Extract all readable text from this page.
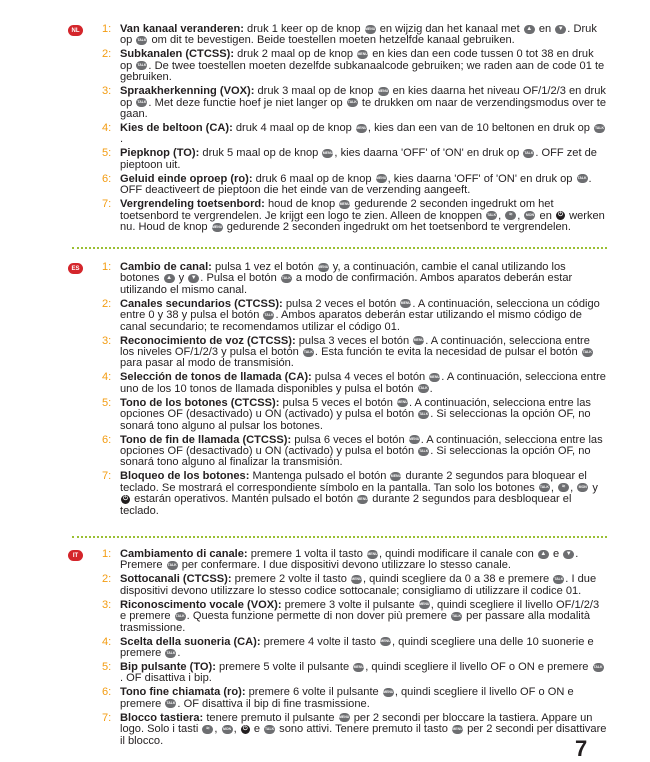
NL	1: Van kanaal veranderen: druk 1 keer op de knop MENU en wijzig dan het kanaal met ▲ en ▼ . Druk op TALK om dit te bevestigen. Beide toestellen moeten hetzelfde kanaal gebruiken.
2: Subkanalen (CTCSS): druk 2 maal op de knop MENU en kies dan een code tussen 0 tot 38 en druk op TALK . De twee toestellen moeten dezelfde subkanaalcode gebruiken; we raden aan de code 01 te gebruiken.
3: Spraakherkenning (VOX): druk 3 maal op de knop MENU en kies daarna het niveau OF/1/2/3 en druk op TALK . Met deze functie hoef je niet langer op TALK te drukken om naar de verzendingsmodus over te gaan.
4: Kies de beltoon (CA): druk 4 maal op de knop MENU, kies dan een van de 10 beltonen en druk op TALK.
5: Piepknop (TO): druk 5 maal op de knop MENU, kies daarna 'OFF' of 'ON' en druk op TALK . OFF zet de pieptoon uit.
6: Geluid einde oproep (ro): druk 6 maal op de knop MENU, kies daarna 'OFF' of 'ON' en druk op TALK . OFF deactiveert de pieptoon die het einde van de verzending aangeeft.
7: Vergrendeling toetsenbord: houd de knop MENU gedurende 2 seconden ingedrukt om het toetsenbord te vergrendelen. Je krijgt een logo te zien. Alleen de knoppen TALK , ≈ , MON en ⏻ werken nu. Houd de knop MENU gedurende 2 seconden ingedrukt om het toetsenbord te vergrendelen.
ES	1: Cambio de canal: pulsa 1 vez el botón MENU y, a continuación, cambie el canal utilizando los botones ▲ y ▼ . Pulsa el botón TALK a modo de confirmación. Ambos aparatos deberán estar utilizando el mismo canal.
2: Canales secundarios (CTCSS): pulsa 2 veces el botón MENU. A continuación, selecciona un código entre 0 y 38 y pulsa el botón TALK . Ambos aparatos deberán estar utilizando el mismo código de canal secundario; te recomendamos utilizar el código 01.
3: Reconocimiento de voz (CTCSS): pulsa 3 veces el botón MENU. A continuación, selecciona entre los niveles OF/1/2/3 y pulsa el botón TALK . Esta función te evita la necesidad de pulsar el botón TALK para pasar al modo de transmisión.
4: Selección de tonos de llamada (CA): pulsa 4 veces el botón MENU. A continuación, selecciona entre uno de los 10 tonos de llamada disponibles y pulsa el botón TALK .
5: Tono de los botones (CTCSS): pulsa 5 veces el botón MENU. A continuación, selecciona entre las opciones OF (desactivado) u ON (activado) y pulsa el botón TALK . Si seleccionas la opción OF, no sonará tono alguno al pulsar los botones.
6: Tono de fin de llamada (CTCSS): pulsa 6 veces el botón MENU. A continuación, selecciona entre las opciones OF (desactivado) u ON (activado) y pulsa el botón TALK . Si seleccionas la opción OF, no sonará tono alguno al finalizar la transmisión.
7: Bloqueo de los botones: Mantenga pulsado el botón MENU durante 2 segundos para bloquear el teclado. Se mostrará el correspondiente símbolo en la pantalla. Tan solo los botones TALK , ≈ , MON y ⏻ estarán operativos. Mantén pulsado el botón MENU durante 2 segundos para desbloquear el teclado.
IT	1: Cambiamento di canale: premere 1 volta il tasto MENU, quindi modificare il canale con ▲ e ▼ . Premere TALK per confermare. I due dispositivi devono utilizzare lo stesso canale.
2: Sottocanali (CTCSS): premere 2 volte il tasto MENU, quindi scegliere da 0 a 38 e premere TALK . I due dispositivi devono utilizzare lo stesso codice sottocanale; consigliamo di utilizzare il codice 01.
3: Riconoscimento vocale (VOX): premere 3 volte il pulsante MENU, quindi scegliere il livello OF/1/2/3 e premere TALK . Questa funzione permette di non dover più premere TALK per passare alla modalità trasmissione.
4: Scelta della suoneria (CA): premere 4 volte il tasto MENU, quindi scegliere una delle 10 suonerie e premere TALK .
5: Bip pulsante (TO): premere 5 volte il pulsante MENU, quindi scegliere il livello OF o ON e premere TALK. OF disattiva i bip.
6: Tono fine chiamata (ro): premere 6 volte il pulsante MENU, quindi scegliere il livello OF o ON e premere TALK . OF disattiva il bip di fine trasmissione.
7: Blocco tastiera: tenere premuto il pulsante MENU per 2 secondi per bloccare la tastiera. Appare un logo. Solo i tasti ≈ , MON , ⏻ e TALK sono attivi. Tenere premuto il tasto MENU per 2 secondi per disattivare il blocco.	7
